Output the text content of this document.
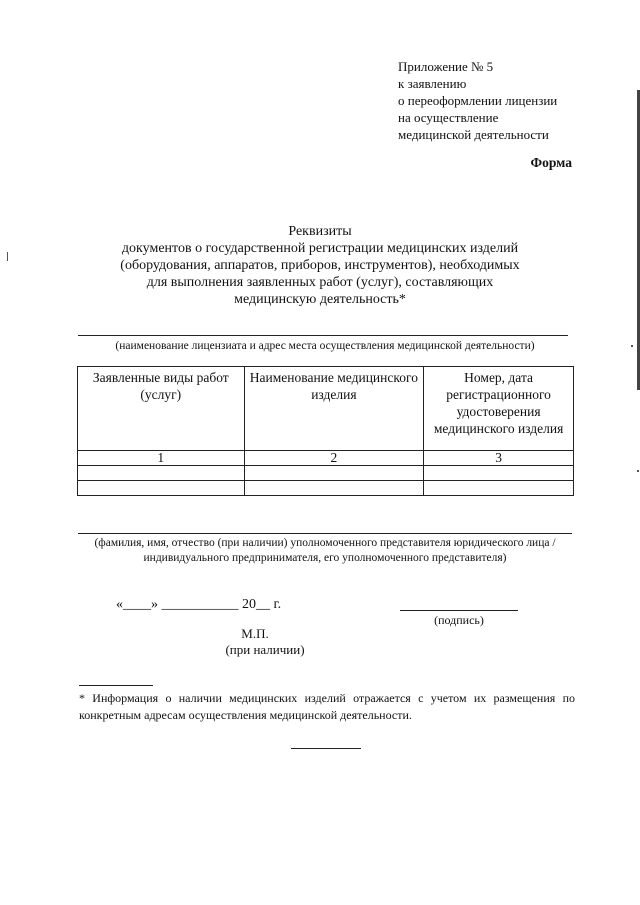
Приложение № 5
к заявлению
о переоформлении лицензии
на осуществление
медицинской деятельности
Форма
Реквизиты
документов о государственной регистрации медицинских изделий
(оборудования, аппаратов, приборов, инструментов), необходимых
для выполнения заявленных работ (услуг), составляющих
медицинскую деятельность*
(наименование лицензиата и адрес места осуществления медицинской деятельности)
Заявленные виды работ (услуг)	Наименование медицинского изделия	Номер, дата регистрационного удостоверения медицинского изделия
1	2	3

(фамилия, имя, отчество (при наличии) уполномоченного представителя юридического лица /
индивидуального предпринимателя, его уполномоченного представителя)
«____» ___________ 20__ г.
(подпись)
М.П.
(при наличии)
* Информация о наличии медицинских изделий отражается с учетом их размещения по конкретным адресам осуществления медицинской деятельности.
